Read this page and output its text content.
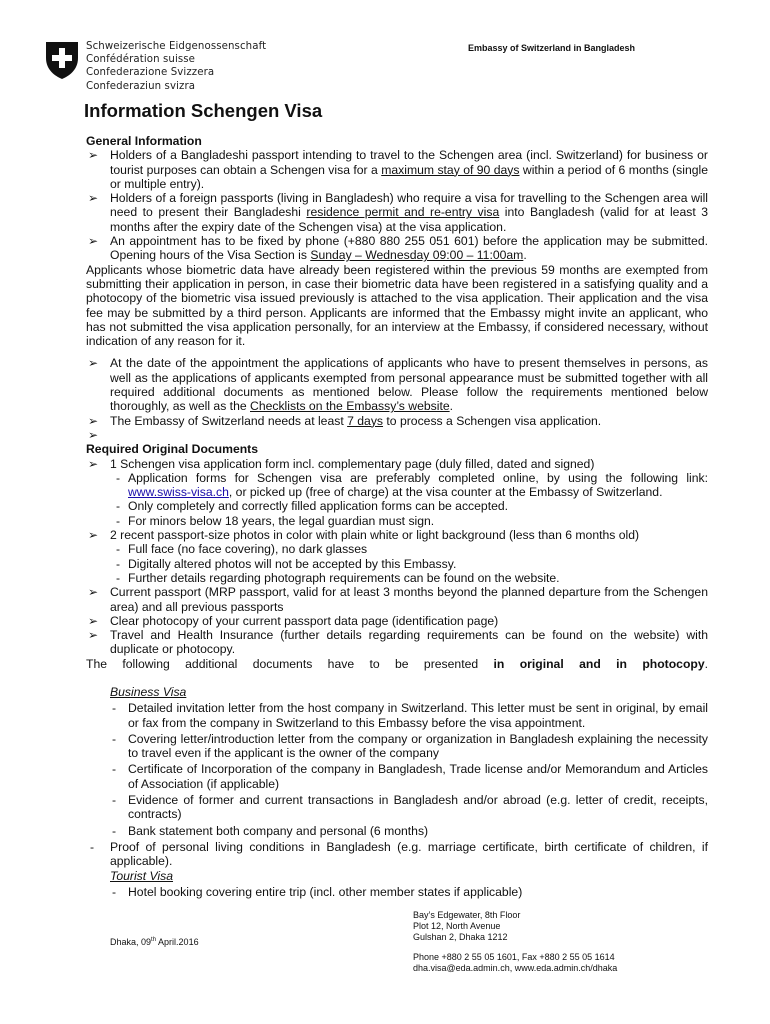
Schweizerische Eidgenossenschaft
Confédération suisse
Confederazione Svizzera
Confederaziun svizra
Embassy of Switzerland in Bangladesh
Information Schengen Visa
General Information
➢ Holders of a Bangladeshi passport intending to travel to the Schengen area (incl. Switzerland) for business or tourist purposes can obtain a Schengen visa for a maximum stay of 90 days within a period of 6 months (single or multiple entry).
➢ Holders of a foreign passports (living in Bangladesh) who require a visa for travelling to the Schengen area will need to present their Bangladeshi residence permit and re-entry visa into Bangladesh (valid for at least 3 months after the expiry date of the Schengen visa) at the visa application.
➢ An appointment has to be fixed by phone (+880 880 255 051 601) before the application may be submitted. Opening hours of the Visa Section is Sunday – Wednesday 09:00 – 11:00am.
Applicants whose biometric data have already been registered within the previous 59 months are exempted from submitting their application in person, in case their biometric data have been registered in a satisfying quality and a photocopy of the biometric visa issued previously is attached to the visa application. Their application and the visa fee may be submitted by a third person. Applicants are informed that the Embassy might invite an applicant, who has not submitted the visa application personally, for an interview at the Embassy, if considered necessary, without indication of any reason for it.
➢ At the date of the appointment the applications of applicants who have to present themselves in persons, as well as the applications of applicants exempted from personal appearance must be submitted together with all required additional documents as mentioned below. Please follow the requirements mentioned below thoroughly, as well as the Checklists on the Embassy’s website.
➢ The Embassy of Switzerland needs at least 7 days to process a Schengen visa application.
➢

Required Original Documents
➢ 1 Schengen visa application form incl. complementary page (duly filled, dated and signed)
- Application forms for Schengen visa are preferably completed online, by using the following link: www.swiss-visa.ch, or picked up (free of charge) at the visa counter at the Embassy of Switzerland.
- Only completely and correctly filled application forms can be accepted.
- For minors below 18 years, the legal guardian must sign.
➢ 2 recent passport-size photos in color with plain white or light background (less than 6 months old)
- Full face (no face covering), no dark glasses
- Digitally altered photos will not be accepted by this Embassy.
- Further details regarding photograph requirements can be found on the website.
➢ Current passport (MRP passport, valid for at least 3 months beyond the planned departure from the Schengen area) and all previous passports
➢ Clear photocopy of your current passport data page (identification page)
➢ Travel and Health Insurance (further details regarding requirements can be found on the website) with duplicate or photocopy.
The following additional documents have to be presented in original and in photocopy.
Business Visa
- Detailed invitation letter from the host company in Switzerland. This letter must be sent in original, by email or fax from the company in Switzerland to this Embassy before the visa appointment.
- Covering letter/introduction letter from the company or organization in Bangladesh explaining the necessity to travel even if the applicant is the owner of the company
- Certificate of Incorporation of the company in Bangladesh, Trade license and/or Memorandum and Articles of Association (if applicable)
- Evidence of former and current transactions in Bangladesh and/or abroad (e.g. letter of credit, receipts, contracts)
- Bank statement both company and personal (6 months)
- Proof of personal living conditions in Bangladesh (e.g. marriage certificate, birth certificate of children, if applicable).
Tourist Visa
- Hotel booking covering entire trip (incl. other member states if applicable)
Dhaka, 09th April.2016
Bay’s Edgewater, 8th Floor
Plot 12, North Avenue
Gulshan 2, Dhaka 1212
Phone +880 2 55 05 1601, Fax +880 2 55 05 1614
dha.visa@eda.admin.ch, www.eda.admin.ch/dhaka
